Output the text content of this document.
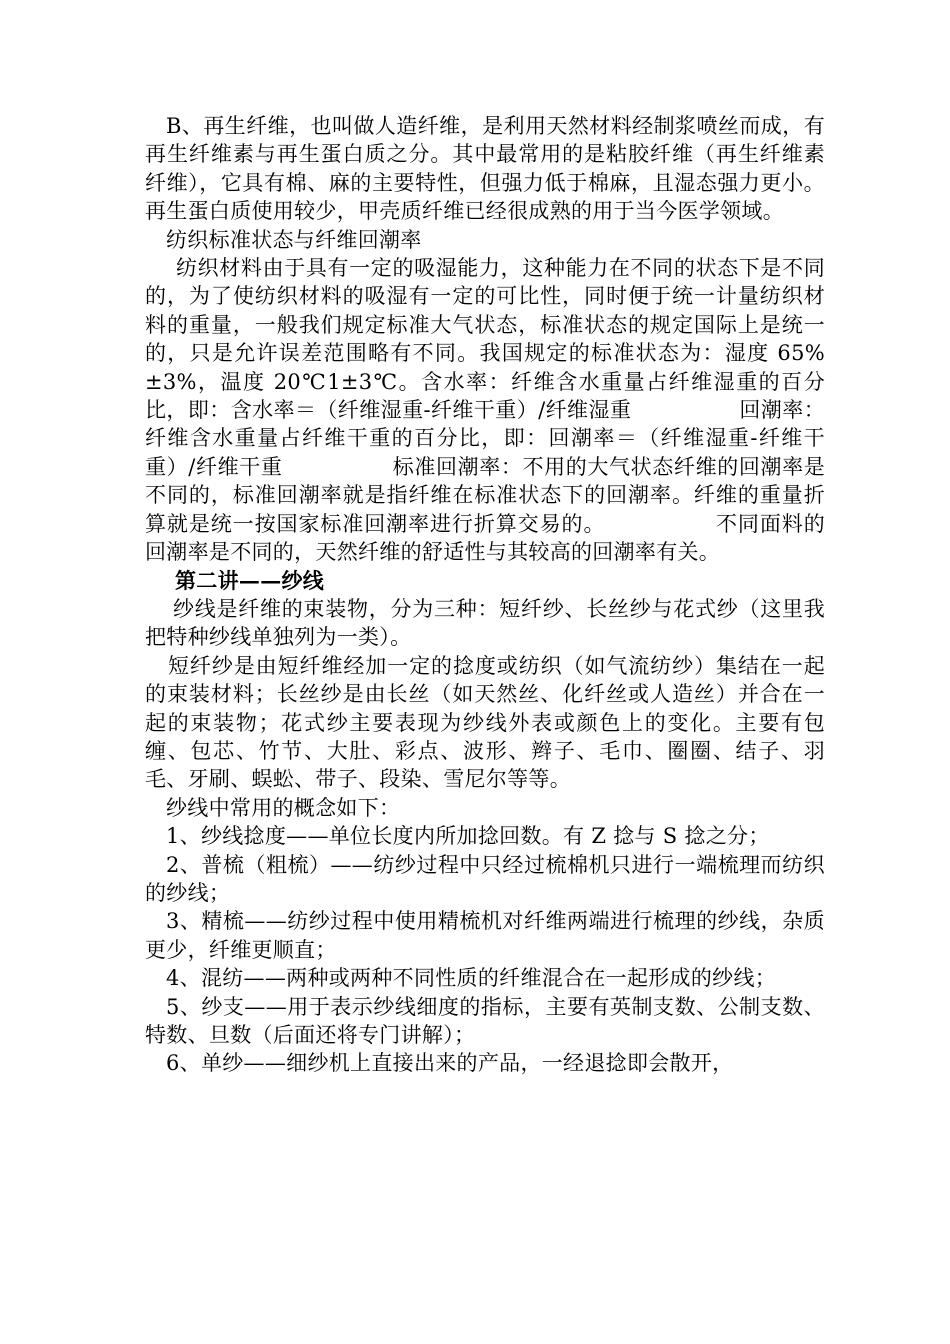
B、再生纤维，也叫做人造纤维，是利用天然材料经制浆喷丝而成，有再生纤维素与再生蛋白质之分。其中最常用的是粘胶纤维（再生纤维素纤维），它具有棉、麻的主要特性，但强力低于棉麻，且湿态强力更小。再生蛋白质使用较少，甲壳质纤维已经很成熟的用于当今医学领域。

纺织标准状态与纤维回潮率

纺织材料由于具有一定的吸湿能力，这种能力在不同的状态下是不同的，为了使纺织材料的吸湿有一定的可比性，同时便于统一计量纺织材料的重量，一般我们规定标准大气状态，标准状态的规定国际上是统一的，只是允许误差范围略有不同。我国规定的标准状态为：湿度 65%±3%，温度 20℃1±3℃。含水率：纤维含水重量占纤维湿重的百分比，即：含水率＝（纤维湿重-纤维干重）/纤维湿重	回潮率：纤维含水重量占纤维干重的百分比，即：回潮率＝（纤维湿重-纤维干重）/纤维干重	标准回潮率：不用的大气状态纤维的回潮率是不同的，标准回潮率就是指纤维在标准状态下的回潮率。纤维的重量折算就是统一按国家标准回潮率进行折算交易的。	不同面料的回潮率是不同的，天然纤维的舒适性与其较高的回潮率有关。

第二讲——纱线

纱线是纤维的束装物，分为三种：短纤纱、长丝纱与花式纱（这里我把特种纱线单独列为一类）。

短纤纱是由短纤维经加一定的捻度或纺织（如气流纺纱）集结在一起的束装材料；长丝纱是由长丝（如天然丝、化纤丝或人造丝）并合在一起的束装物；花式纱主要表现为纱线外表或颜色上的变化。主要有包缠、包芯、竹节、大肚、彩点、波形、辫子、毛巾、圈圈、结子、羽毛、牙刷、蜈蚣、带子、段染、雪尼尔等等。

纱线中常用的概念如下：

1、纱线捻度——单位长度内所加捻回数。有 Z 捻与 S 捻之分；

2、普梳（粗梳）——纺纱过程中只经过梳棉机只进行一端梳理而纺织的纱线；

3、精梳——纺纱过程中使用精梳机对纤维两端进行梳理的纱线，杂质更少，纤维更顺直；

4、混纺——两种或两种不同性质的纤维混合在一起形成的纱线；

5、纱支——用于表示纱线细度的指标，主要有英制支数、公制支数、特数、旦数（后面还将专门讲解）；

6、单纱——细纱机上直接出来的产品，一经退捻即会散开，
